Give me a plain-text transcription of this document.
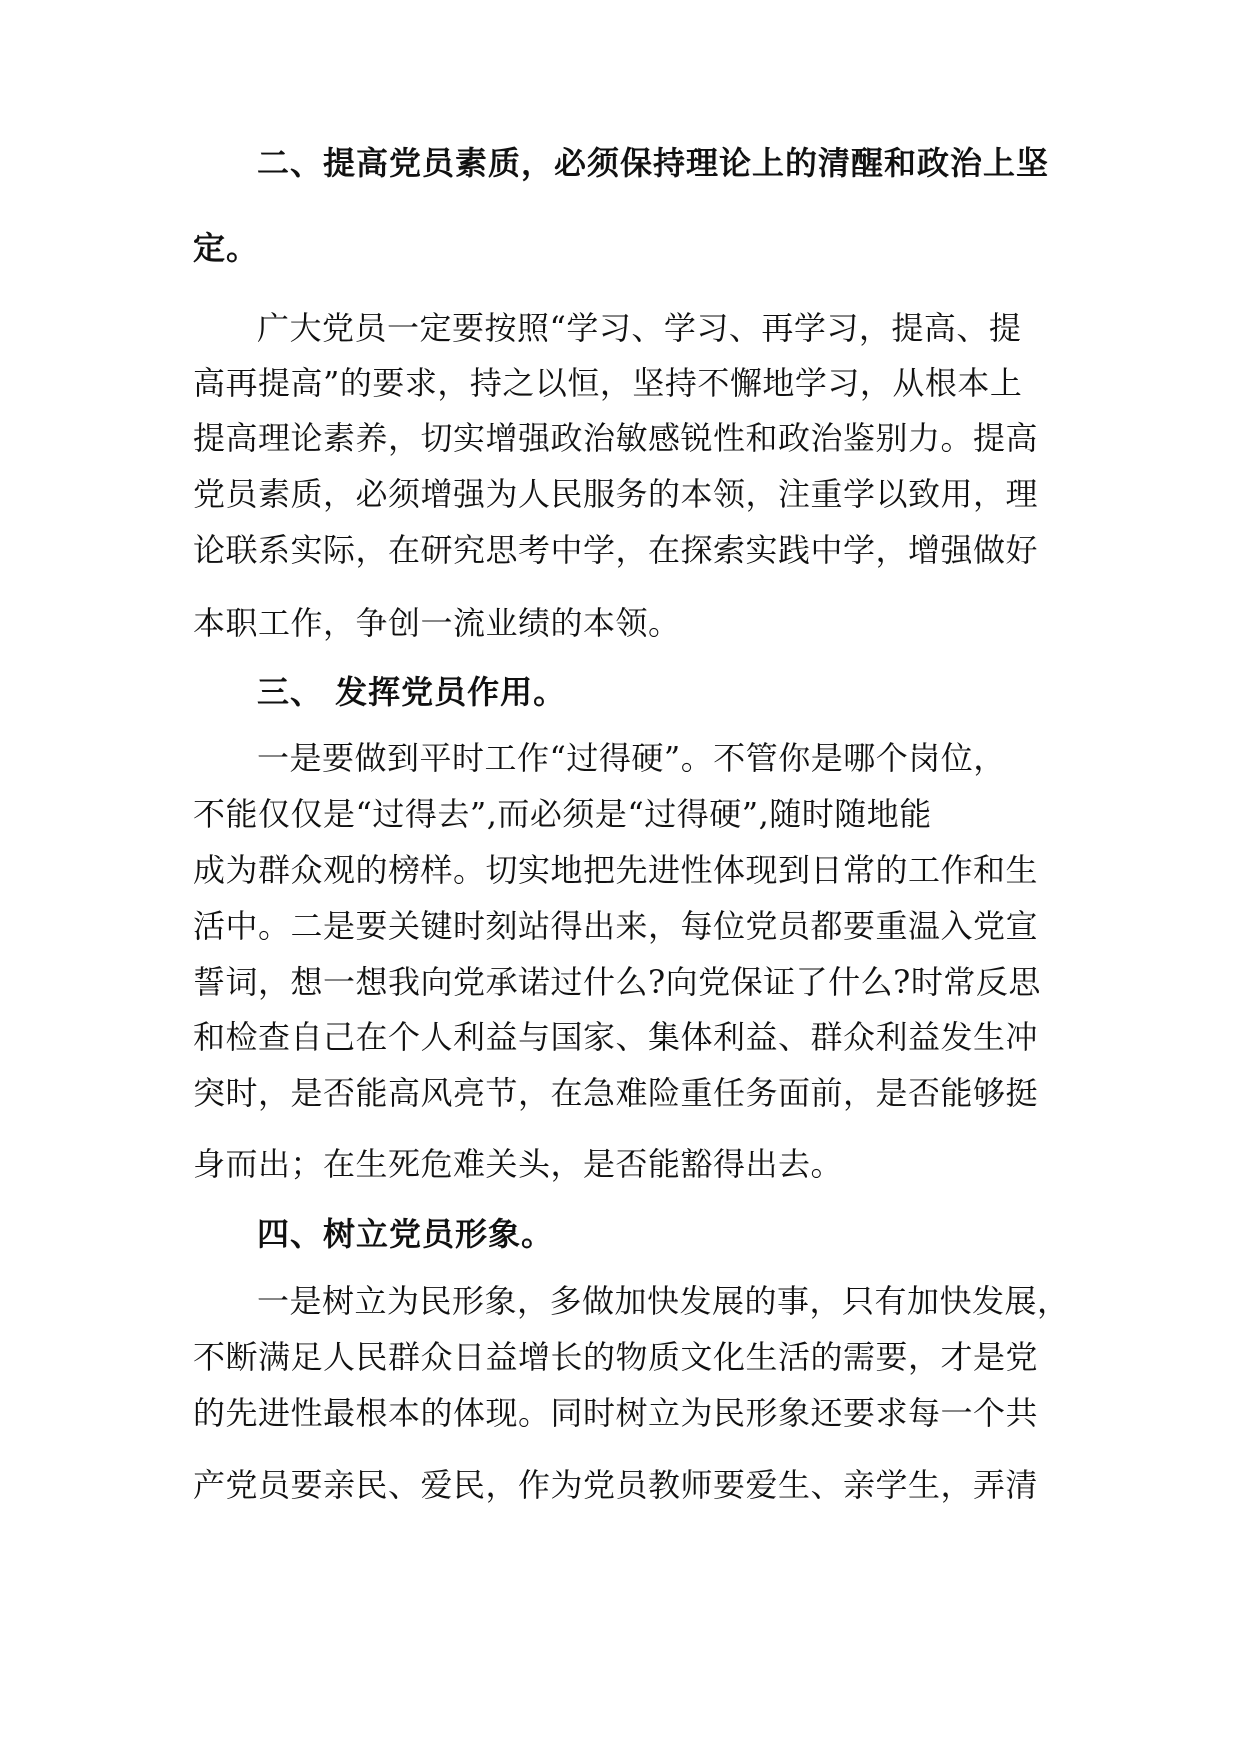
二、提高党员素质，必须保持理论上的清醒和政治上坚
定。
广大党员一定要按照“学习、学习、再学习，提高、提
高再提高”的要求，持之以恒，坚持不懈地学习，从根本上
提高理论素养，切实增强政治敏感锐性和政治鉴别力。提高
党员素质，必须增强为人民服务的本领，注重学以致用，理
论联系实际，在研究思考中学，在探索实践中学，增强做好
本职工作，争创一流业绩的本领。
三、 发挥党员作用。
一是要做到平时工作“过得硬”。不管你是哪个岗位，
不能仅仅是“过得去”,而必须是“过得硬”,随时随地能
成为群众观的榜样。切实地把先进性体现到日常的工作和生
活中。二是要关键时刻站得出来，每位党员都要重温入党宣
誓词，想一想我向党承诺过什么?向党保证了什么?时常反思
和检查自己在个人利益与国家、集体利益、群众利益发生冲
突时，是否能高风亮节，在急难险重任务面前，是否能够挺
身而出；在生死危难关头，是否能豁得出去。
四、树立党员形象。
一是树立为民形象，多做加快发展的事，只有加快发展，
不断满足人民群众日益增长的物质文化生活的需要，才是党
的先进性最根本的体现。同时树立为民形象还要求每一个共
产党员要亲民、爱民，作为党员教师要爱生、亲学生，弄清
